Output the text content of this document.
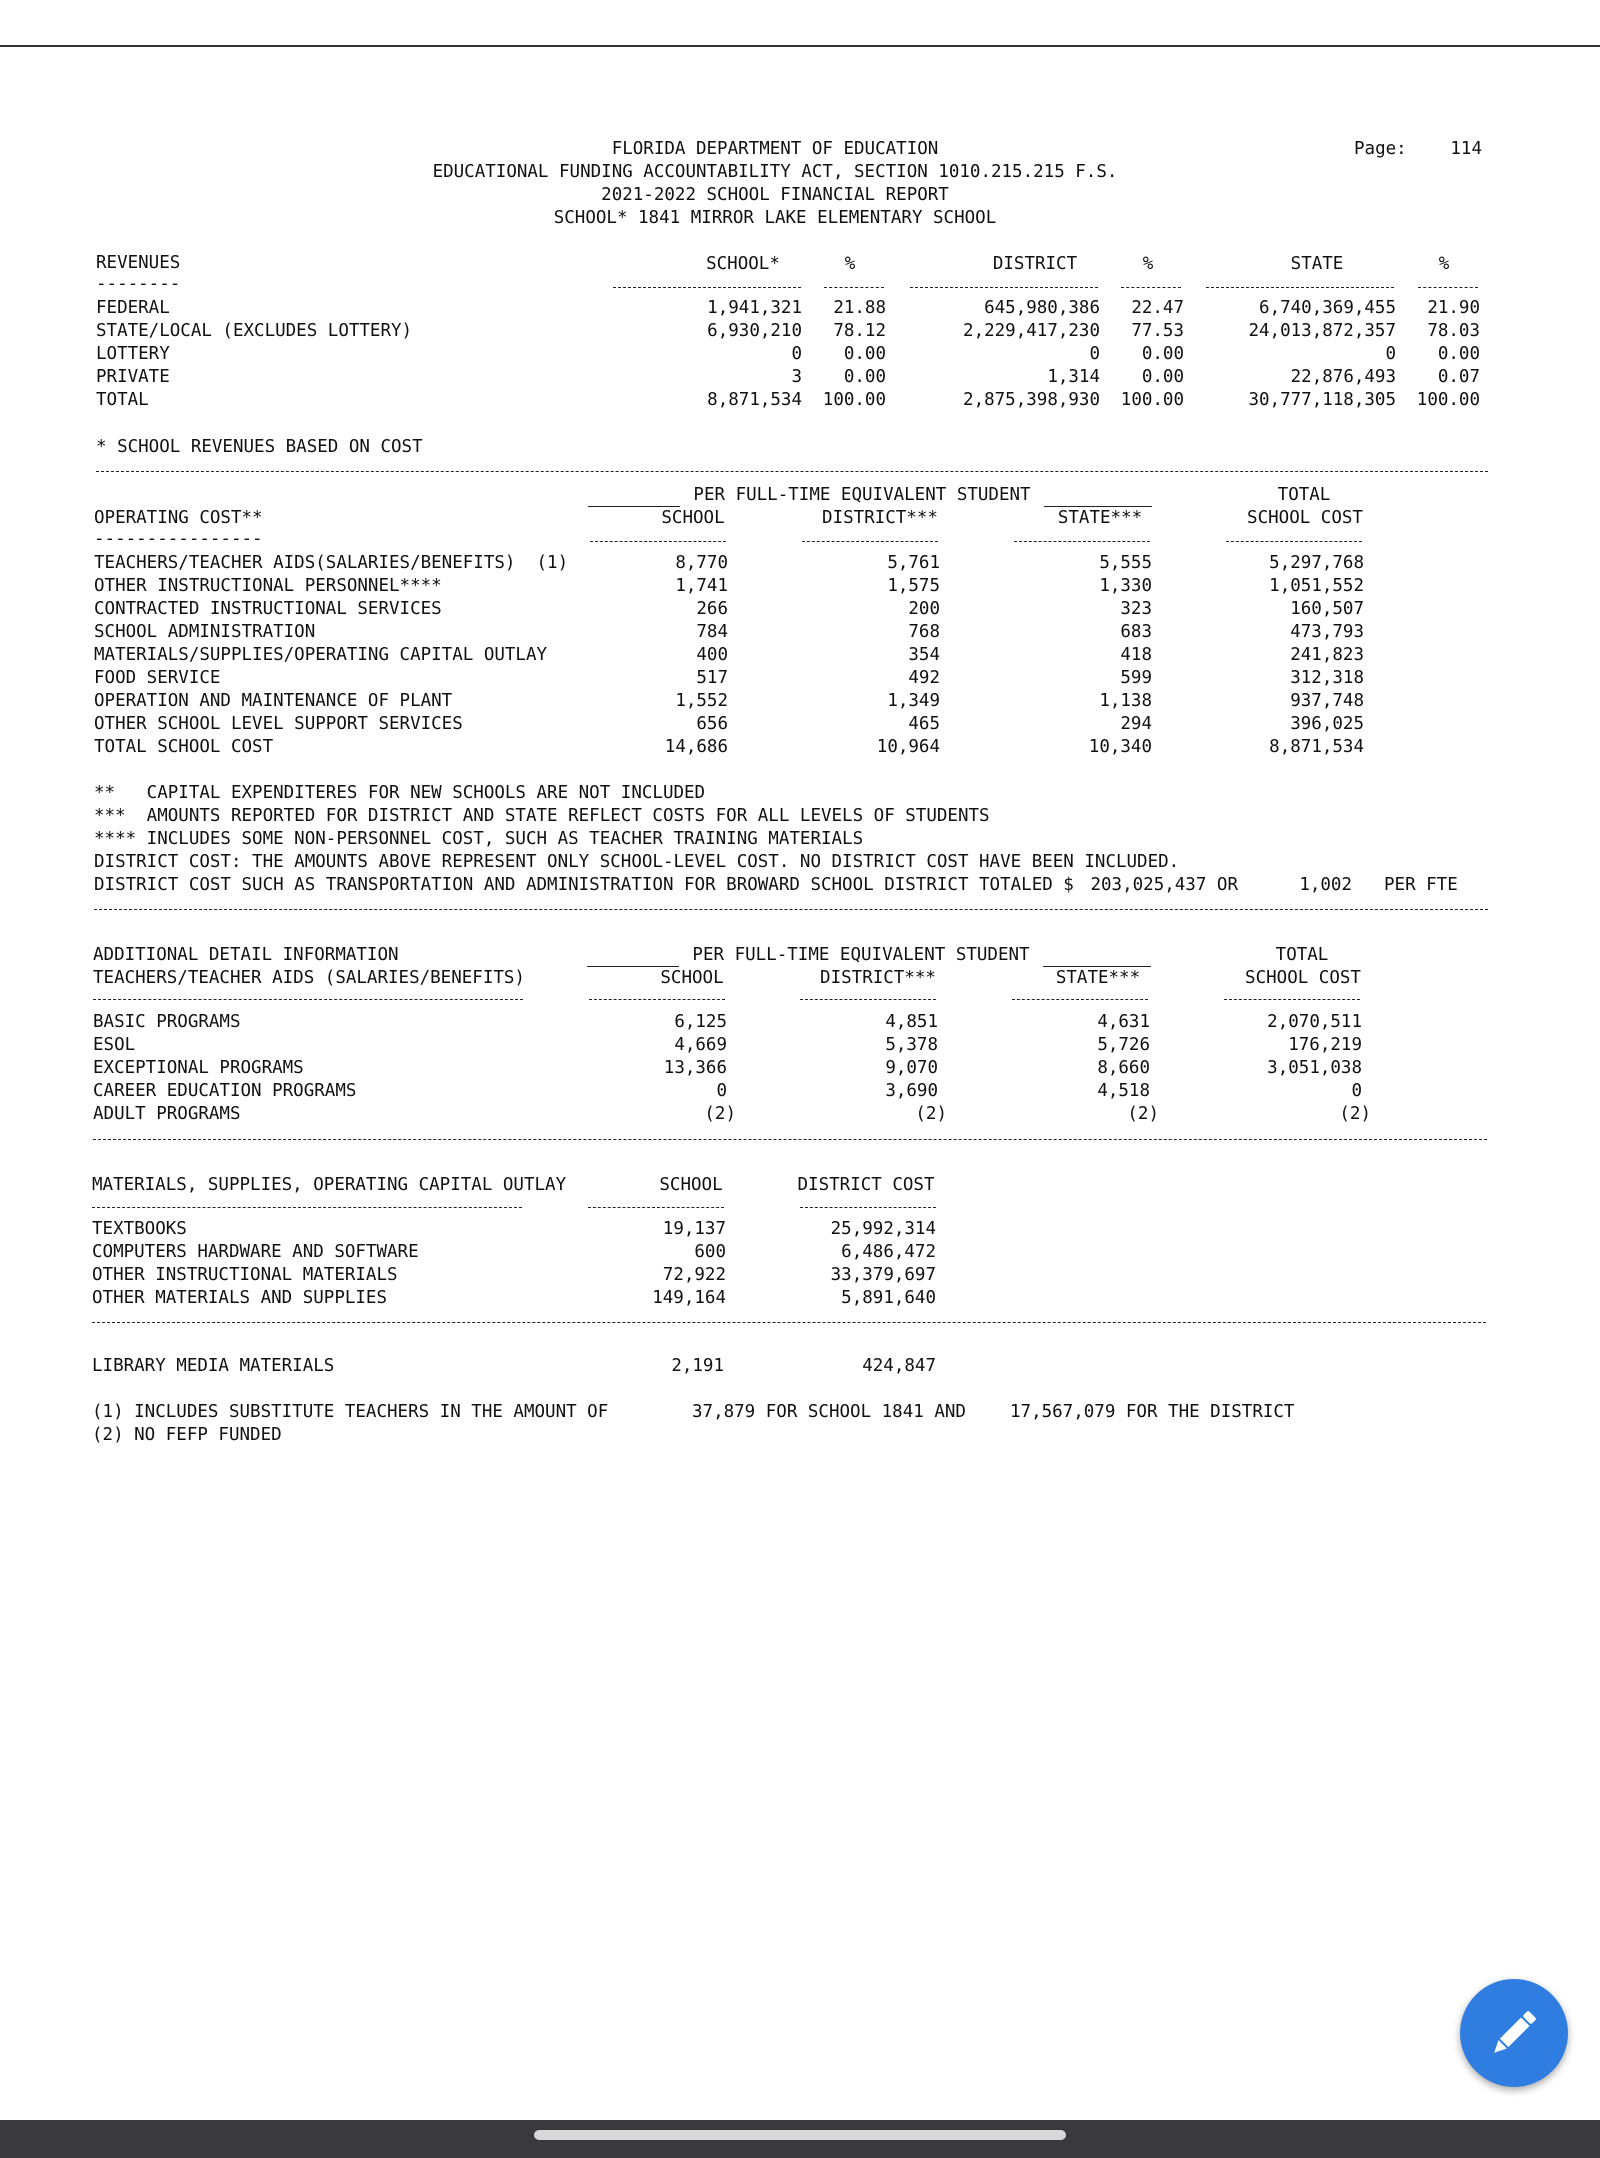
FLORIDA DEPARTMENT OF EDUCATION
EDUCATIONAL FUNDING ACCOUNTABILITY ACT, SECTION 1010.215.215 F.S.
2021-2022 SCHOOL FINANCIAL REPORT
SCHOOL* 1841 MIRROR LAKE ELEMENTARY SCHOOL
Page:	114
REVENUES
--------
SCHOOL*	%	DISTRICT	%	STATE	%
FEDERAL	1,941,321	21.88	645,980,386	22.47	6,740,369,455	21.90
STATE/LOCAL (EXCLUDES LOTTERY)	6,930,210	78.12	2,229,417,230	77.53	24,013,872,357	78.03
LOTTERY	0	0.00	0	0.00	0	0.00
PRIVATE	3	0.00	1,314	0.00	22,876,493	0.07
TOTAL	8,871,534	100.00	2,875,398,930	100.00	30,777,118,305	100.00
* SCHOOL REVENUES BASED ON COST
PER FULL-TIME EQUIVALENT STUDENT	TOTAL
OPERATING COST**
----------------
SCHOOL	DISTRICT***	STATE***	SCHOOL COST
TEACHERS/TEACHER AIDS(SALARIES/BENEFITS)  (1)	8,770	5,761	5,555	5,297,768
OTHER INSTRUCTIONAL PERSONNEL****	1,741	1,575	1,330	1,051,552
CONTRACTED INSTRUCTIONAL SERVICES	266	200	323	160,507
SCHOOL ADMINISTRATION	784	768	683	473,793
MATERIALS/SUPPLIES/OPERATING CAPITAL OUTLAY	400	354	418	241,823
FOOD SERVICE	517	492	599	312,318
OPERATION AND MAINTENANCE OF PLANT	1,552	1,349	1,138	937,748
OTHER SCHOOL LEVEL SUPPORT SERVICES	656	465	294	396,025
TOTAL SCHOOL COST	14,686	10,964	10,340	8,871,534
**   CAPITAL EXPENDITERES FOR NEW SCHOOLS ARE NOT INCLUDED
***  AMOUNTS REPORTED FOR DISTRICT AND STATE REFLECT COSTS FOR ALL LEVELS OF STUDENTS
**** INCLUDES SOME NON-PERSONNEL COST, SUCH AS TEACHER TRAINING MATERIALS
DISTRICT COST: THE AMOUNTS ABOVE REPRESENT ONLY SCHOOL-LEVEL COST. NO DISTRICT COST HAVE BEEN INCLUDED.
DISTRICT COST SUCH AS TRANSPORTATION AND ADMINISTRATION FOR BROWARD SCHOOL DISTRICT TOTALED $ 203,025,437 OR	1,002 PER FTE
PER FULL-TIME EQUIVALENT STUDENT	TOTAL
ADDITIONAL DETAIL INFORMATION
TEACHERS/TEACHER AIDS (SALARIES/BENEFITS)	SCHOOL	DISTRICT***	STATE***	SCHOOL COST
BASIC PROGRAMS	6,125	4,851	4,631	2,070,511
ESOL	4,669	5,378	5,726	176,219
EXCEPTIONAL PROGRAMS	13,366	9,070	8,660	3,051,038
CAREER EDUCATION PROGRAMS	0	3,690	4,518	0
ADULT PROGRAMS	(2)	(2)	(2)	(2)
MATERIALS, SUPPLIES, OPERATING CAPITAL OUTLAY	SCHOOL	DISTRICT COST
TEXTBOOKS	19,137	25,992,314
COMPUTERS HARDWARE AND SOFTWARE	600	6,486,472
OTHER INSTRUCTIONAL MATERIALS	72,922	33,379,697
OTHER MATERIALS AND SUPPLIES	149,164	5,891,640
LIBRARY MEDIA MATERIALS	2,191	424,847
(1) INCLUDES SUBSTITUTE TEACHERS IN THE AMOUNT OF	37,879 FOR SCHOOL 1841 AND	17,567,079 FOR THE DISTRICT
(2) NO FEFP FUNDED
